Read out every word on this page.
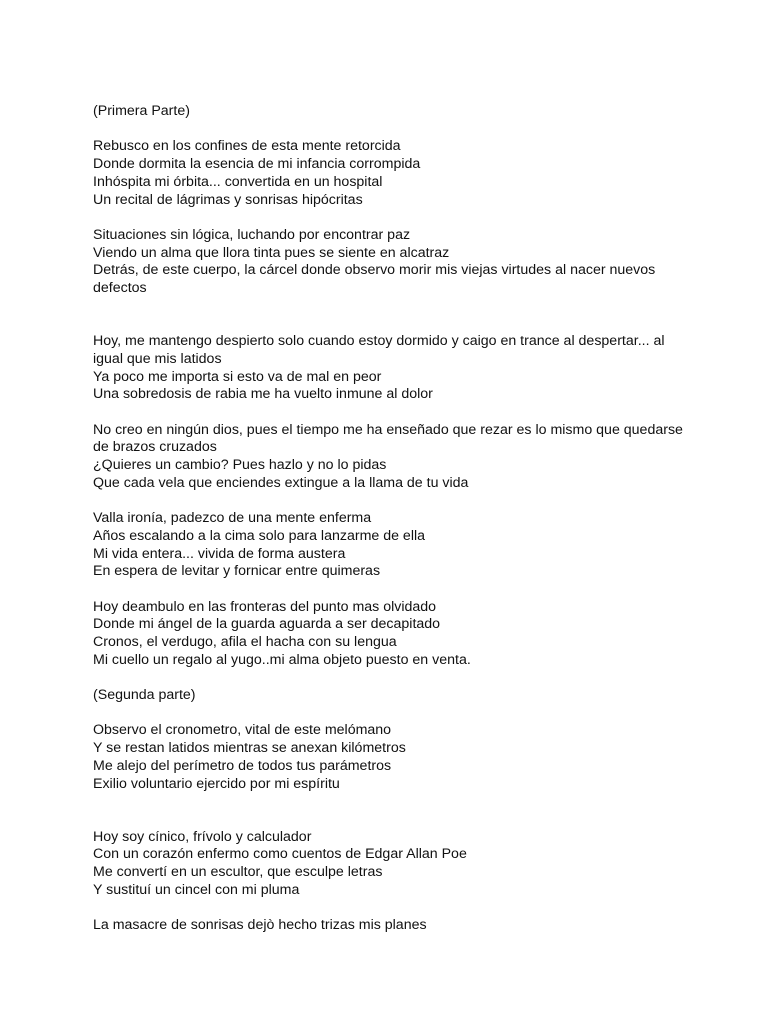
(Primera Parte)
Rebusco en los confines de esta mente retorcida
Donde dormita la esencia de mi infancia corrompida
Inhóspita mi órbita... convertida en un hospital
Un recital de lágrimas y sonrisas hipócritas
Situaciones sin lógica, luchando por encontrar paz
Viendo un alma que llora tinta pues se siente en alcatraz
Detrás, de este cuerpo, la cárcel donde observo morir mis viejas virtudes al nacer nuevos defectos
Hoy, me mantengo despierto solo cuando estoy dormido y caigo en trance al despertar... al igual que mis latidos
Ya poco me importa si esto va de mal en peor
Una sobredosis de rabia me ha vuelto inmune al dolor
No creo en ningún dios, pues el tiempo me ha enseñado que rezar es lo mismo que quedarse de brazos cruzados
¿Quieres un cambio? Pues hazlo y no lo pidas
Que cada vela que enciendes extingue a la llama de tu vida
Valla ironía, padezco de una mente enferma
Años escalando a la cima solo para lanzarme de ella
Mi vida entera... vivida de forma austera
En espera de levitar y fornicar entre quimeras
Hoy deambulo en las fronteras del punto mas olvidado
Donde mi ángel de la guarda aguarda a ser decapitado
Cronos, el verdugo, afila el hacha con su lengua
Mi cuello un regalo al yugo..mi alma objeto puesto en venta.
(Segunda parte)
Observo el cronometro, vital de este melómano
Y se restan latidos mientras se anexan kilómetros
Me alejo del perímetro de todos tus parámetros
Exilio voluntario ejercido por mi espíritu
Hoy soy cínico, frívolo y calculador
Con un corazón enfermo como cuentos de Edgar Allan Poe
Me convertí en un escultor, que esculpe letras
Y sustituí un cincel con mi pluma
La masacre de sonrisas dejò hecho trizas mis planes
